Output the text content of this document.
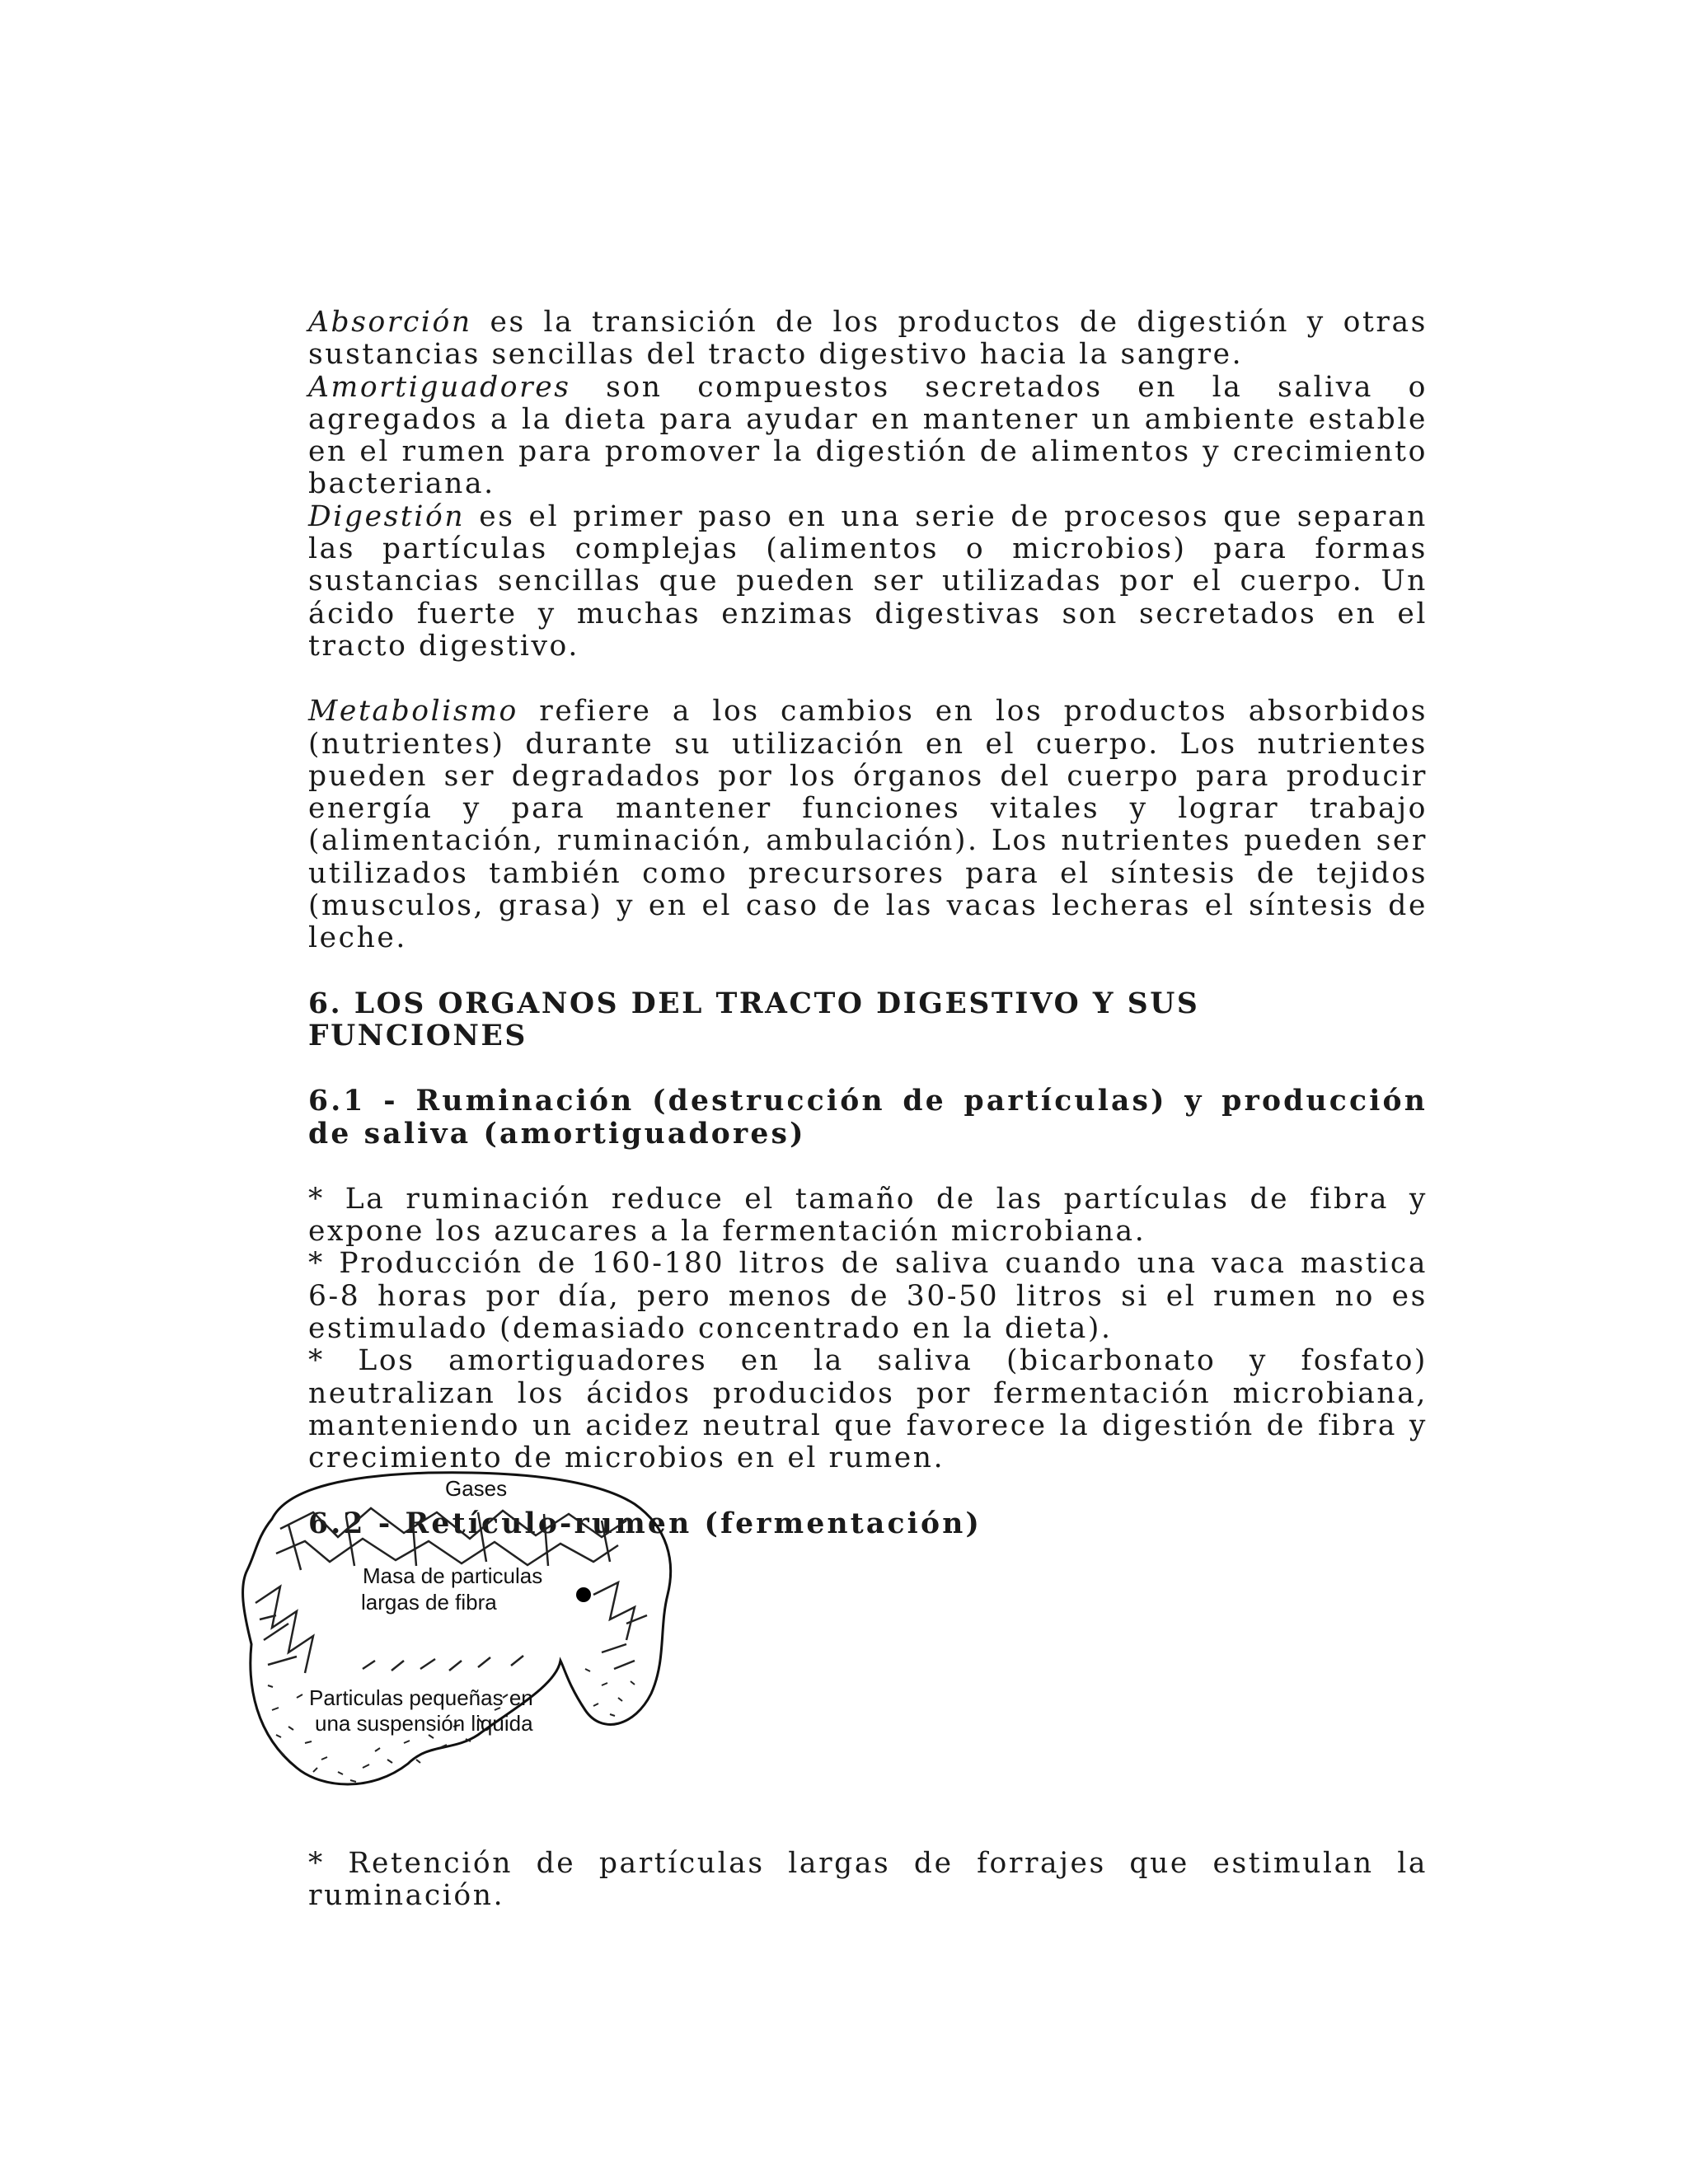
Absorción es la transición de los productos de digestión y otras sustancias sencillas del tracto digestivo hacia la sangre.

Amortiguadores son compuestos secretados en la saliva o agregados a la dieta para ayudar en mantener un ambiente estable en el rumen para promover la digestión de alimentos y crecimiento bacteriana.

Digestión es el primer paso en una serie de procesos que separan las partículas complejas (alimentos o microbios) para formas sustancias sencillas que pueden ser utilizadas por el cuerpo. Un ácido fuerte y muchas enzimas digestivas son secretados en el tracto digestivo.

Metabolismo refiere a los cambios en los productos absorbidos (nutrientes) durante su utilización en el cuerpo. Los nutrientes pueden ser degradados por los órganos del cuerpo para producir energía y para mantener funciones vitales y lograr trabajo (alimentación, ruminación, ambulación). Los nutrientes pueden ser utilizados también como precursores para el síntesis de tejidos (musculos, grasa) y en el caso de las vacas lecheras el síntesis de leche.

6. LOS ORGANOS DEL TRACTO DIGESTIVO Y SUS FUNCIONES
6.1 - Ruminación (destrucción de partículas) y producción de saliva (amortiguadores)

* La ruminación reduce el tamaño de las partículas de fibra y expone los azucares a la fermentación microbiana.

* Producción de 160-180 litros de saliva cuando una vaca mastica 6-8 horas por día, pero menos de 30-50 litros si el rumen no es estimulado (demasiado concentrado en la dieta).

* Los amortiguadores en la saliva (bicarbonato y fosfato) neutralizan los ácidos producidos por fermentación microbiana, manteniendo un acidez neutral que favorece la digestión de fibra y crecimiento de microbios en el rumen.

6.2 - Retículo-rumen (fermentación)
Gases
Masa de particulas
largas de fibra
Particulas pequeñas en
una suspensión liquida

* Retención de partículas largas de forrajes que estimulan la ruminación.
